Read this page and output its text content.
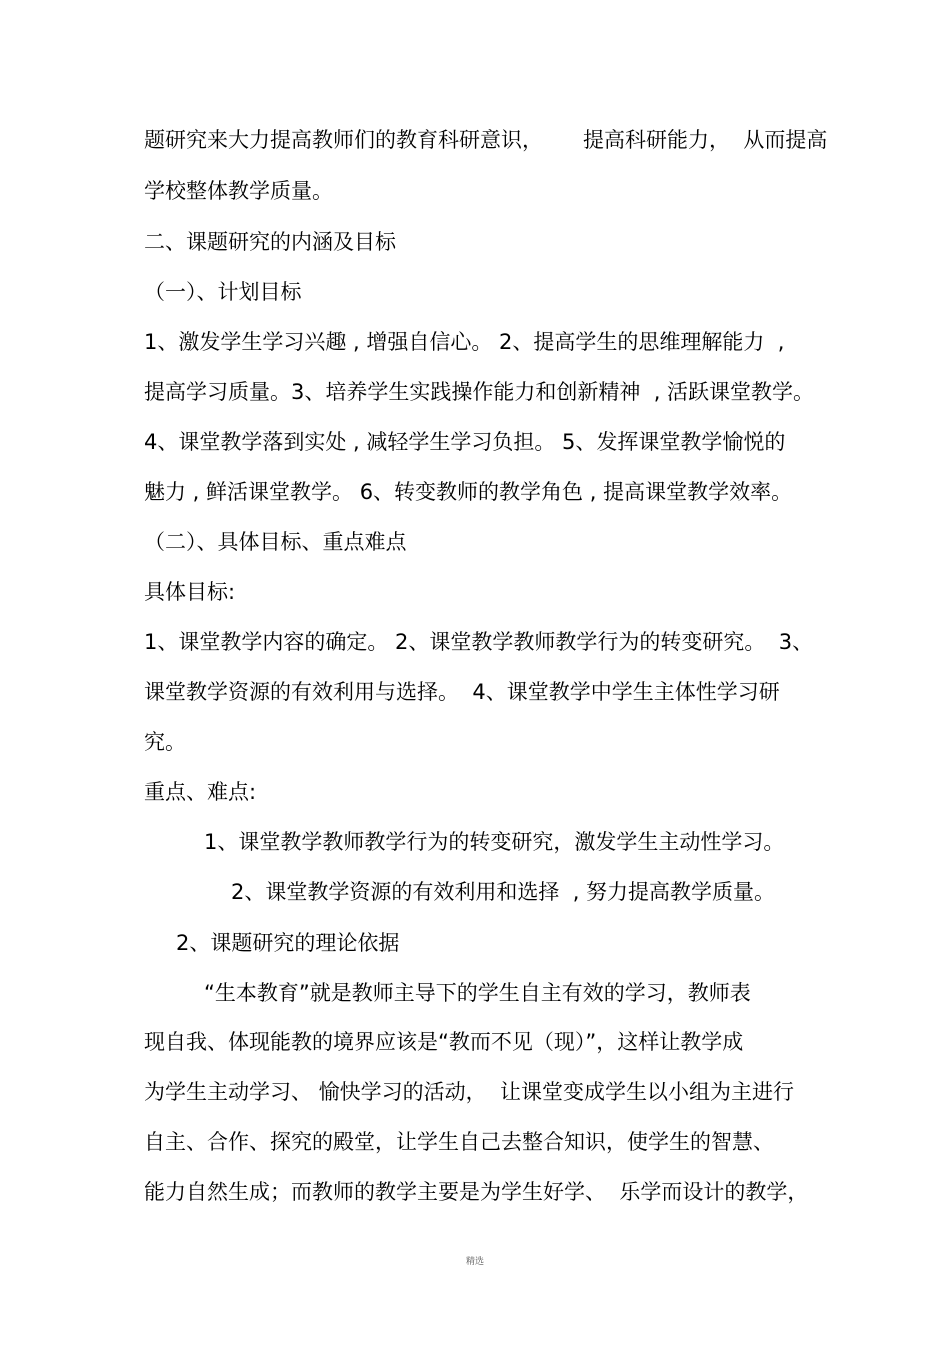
题研究来大力提高教师们的教育科研意识，      提高科研能力，  从而提高
学校整体教学质量。
二、课题研究的内涵及目标
（一）、计划目标
1、激发学生学习兴趣 , 增强自信心。 2、提高学生的思维理解能力  ,
提高学习质量。3、培养学生实践操作能力和创新精神  , 活跃课堂教学。
4、课堂教学落到实处 , 减轻学生学习负担。 5、发挥课堂教学愉悦的
魅力 , 鲜活课堂教学。 6、转变教师的教学角色 , 提高课堂教学效率。
（二）、具体目标、重点难点
具体目标:
1、课堂教学内容的确定。 2、课堂教学教师教学行为的转变研究。  3、
课堂教学资源的有效利用与选择。  4、课堂教学中学生主体性学习研
究。
重点、难点:
1、课堂教学教师教学行为的转变研究，激发学生主动性学习。
2、课堂教学资源的有效利用和选择  , 努力提高教学质量。
2、课题研究的理论依据
“生本教育”就是教师主导下的学生自主有效的学习，教师表
现自我、体现能教的境界应该是“教而不见（现）”，这样让教学成
为学生主动学习、 愉快学习的活动，  让课堂变成学生以小组为主进行
自主、合作、探究的殿堂，让学生自己去整合知识，使学生的智慧、
能力自然生成；而教师的教学主要是为学生好学、  乐学而设计的教学，
精选
